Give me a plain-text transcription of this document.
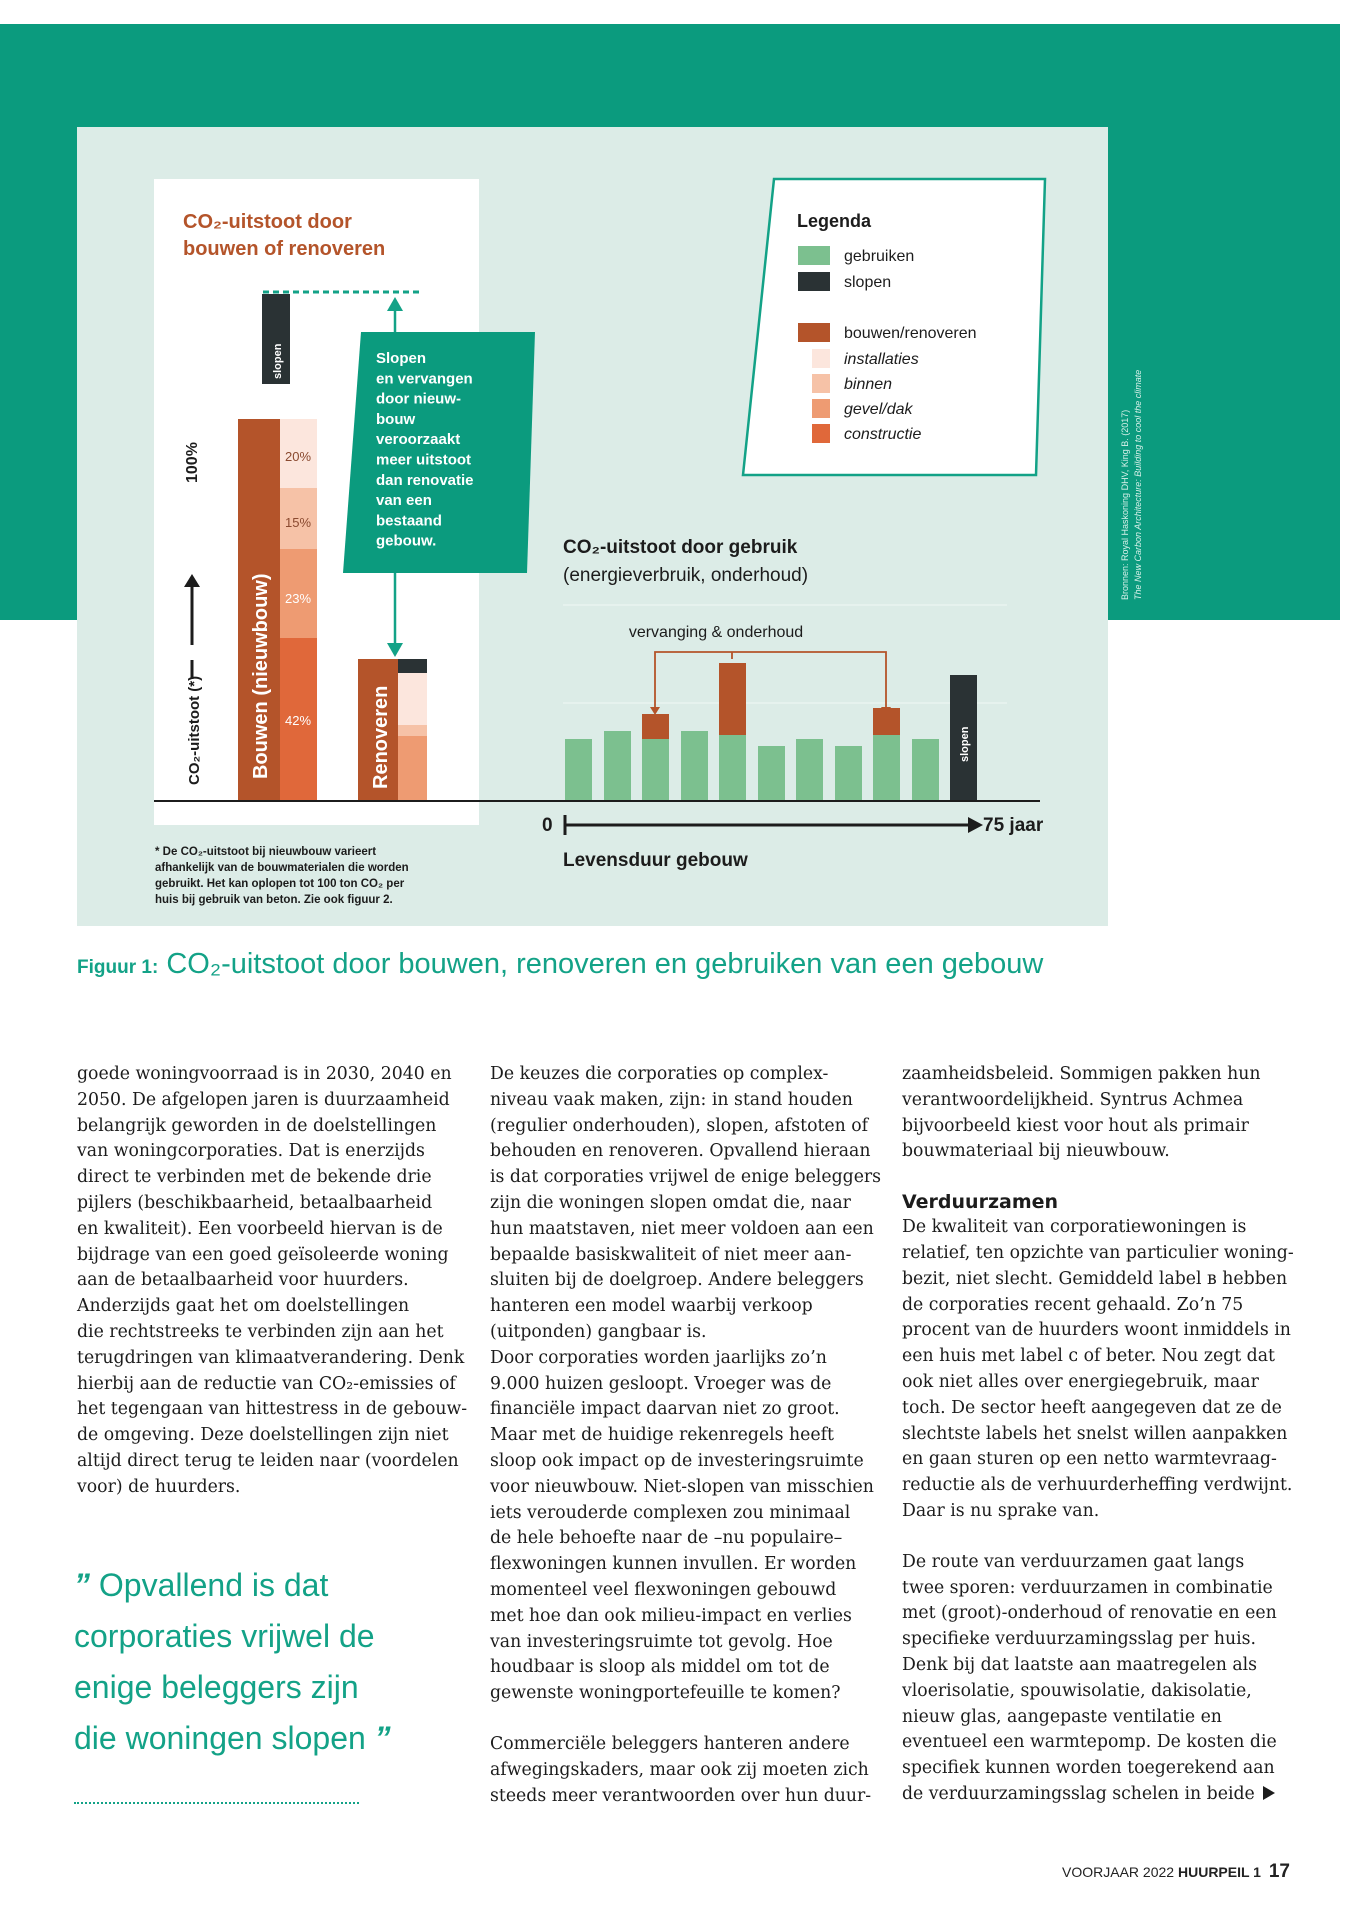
CO₂-uitstoot door
bouwen of renoveren
slopen
Bouwen (nieuwbouw)
20%
15%
23%
42%
100%
CO₂-uitstoot (*)	Renoveren
Slopen en vervangen door nieuw-bouw veroorzaakt meer uitstoot dan renovatie van een bestaand gebouw.
Legenda
gebruiken
slopen
bouwen/renoveren
installaties
binnen
gevel/dak
constructie
CO₂-uitstoot door gebruik
(energieverbruik, onderhoud)
vervanging & onderhoud
slopen
0	75 jaar
Levensduur gebouw
* De CO₂-uitstoot bij nieuwbouw varieert
afhankelijk van de bouwmaterialen die worden
gebruikt. Het kan oplopen tot 100 ton CO₂ per
huis bij gebruik van beton. Zie ook figuur 2.
Bronnen: Royal Haskoning DHV, King B. (2017) The New Carbon Architecture: Building to cool the climate
Figuur 1: CO₂-uitstoot door bouwen, renoveren en gebruiken van een gebouw

goede woningvoorraad is in 2030, 2040 en

2050. De afgelopen jaren is duurzaamheid

belangrijk geworden in de doelstellingen

van woningcorporaties. Dat is enerzijds

direct te verbinden met de bekende drie

pijlers (beschikbaarheid, betaalbaarheid

en kwaliteit). Een voorbeeld hiervan is de

bijdrage van een goed geïsoleerde woning

aan de betaalbaarheid voor huurders.

Anderzijds gaat het om doelstellingen

die rechtstreeks te verbinden zijn aan het

terugdringen van klimaatverandering. Denk

hierbij aan de reductie van CO₂-emissies of

het tegengaan van hittestress in de gebouw-

de omgeving. Deze doelstellingen zijn niet

altijd direct terug te leiden naar (voordelen

voor) de huurders.

” Opvallend is dat
corporaties vrijwel de
enige beleggers zijn
die woningen slopen ”

De keuzes die corporaties op complex-

niveau vaak maken, zijn: in stand houden

(regulier onderhouden), slopen, afstoten of

behouden en renoveren. Opvallend hieraan

is dat corporaties vrijwel de enige beleggers

zijn die woningen slopen omdat die, naar

hun maatstaven, niet meer voldoen aan een

bepaalde basiskwaliteit of niet meer aan-

sluiten bij de doelgroep. Andere beleggers

hanteren een model waarbij verkoop

(uitponden) gangbaar is.

Door corporaties worden jaarlijks zo’n

9.000 huizen gesloopt. Vroeger was de

financiële impact daarvan niet zo groot.

Maar met de huidige rekenregels heeft

sloop ook impact op de investeringsruimte

voor nieuwbouw. Niet-slopen van misschien

iets verouderde complexen zou minimaal

de hele behoefte naar de –nu populaire–

flexwoningen kunnen invullen. Er worden

momenteel veel flexwoningen gebouwd

met hoe dan ook milieu-impact en verlies

van investeringsruimte tot gevolg. Hoe

houdbaar is sloop als middel om tot de

gewenste woningportefeuille te komen?

Commerciële beleggers hanteren andere

afwegingskaders, maar ook zij moeten zich

steeds meer verantwoorden over hun duur-

zaamheidsbeleid. Sommigen pakken hun

verantwoordelijkheid. Syntrus Achmea

bijvoorbeeld kiest voor hout als primair

bouwmateriaal bij nieuwbouw.

Verduurzamen

De kwaliteit van corporatiewoningen is

relatief, ten opzichte van particulier woning-

bezit, niet slecht. Gemiddeld label ʙ hebben

de corporaties recent gehaald. Zo’n 75

procent van de huurders woont inmiddels in

een huis met label ᴄ of beter. Nou zegt dat

ook niet alles over energiegebruik, maar

toch. De sector heeft aangegeven dat ze de

slechtste labels het snelst willen aanpakken

en gaan sturen op een netto warmtevraag-

reductie als de verhuurderheffing verdwijnt.

Daar is nu sprake van.

De route van verduurzamen gaat langs

twee sporen: verduurzamen in combinatie

met (groot)-onderhoud of renovatie en een

specifieke verduurzamingsslag per huis.

Denk bij dat laatste aan maatregelen als

vloerisolatie, spouwisolatie, dakisolatie,

nieuw glas, aangepaste ventilatie en

eventueel een warmtepomp. De kosten die

specifiek kunnen worden toegerekend aan

de verduurzamingsslag schelen in beide

VOORJAAR 2022 HUURPEIL 1 17
